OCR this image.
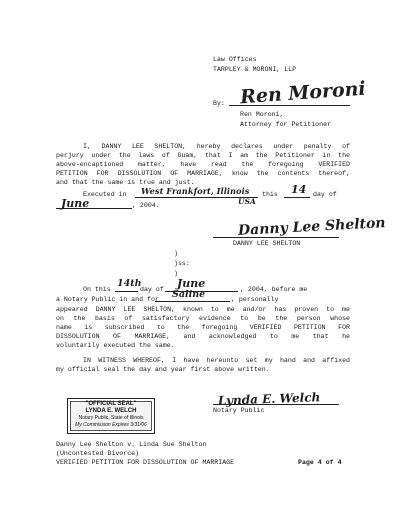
Law Offices
TARPLEY & MORONI, LLP
By: Ren Moroni
Ren Moroni,
Attorney for Petitioner
I, DANNY LEE SHELTON, hereby declares under penalty of
perjury under the laws of Guam, that I am the Petitioner in the
above-encaptioned matter, have read the foregoing VERIFIED
PETITION FOR DISSOLUTION OF MARRIAGE, know the contents thereof,
and that the same is true and just.
Executed in West Frankfort, Illinois
USA
this 14 day of
June	, 2004.
Danny Lee Shelton
DANNY LEE SHELTON
)
)ss:
)
On this
14th
day of June	, 2004, before me
a Notary Public in and for Saline	, personally
appeared DANNY LEE SHELTON, known to me and/or has proven to me
on the basis of satisfactory evidence to be the person whose
name is subscribed to the foregoing VERIFIED PETITION FOR
DISSOLUTION OF MARRIAGE, and acknowledged to me that he
voluntarily executed the same.
IN WITNESS WHEREOF, I have hereunto set my hand and affixed
my official seal the day and year first above written.
Lynda E. Welch
Notary Public
"OFFICIAL SEAL"
LYNDA E. WELCH
Notary Public, State of Illinois
My Commission Expires 3/31/06
Danny Lee Shelton v. Linda Sue Shelton
(Uncontested Divorce)
VERIFIED PETITION FOR DISSOLUTION OF MARRIAGE	Page 4 of 4
